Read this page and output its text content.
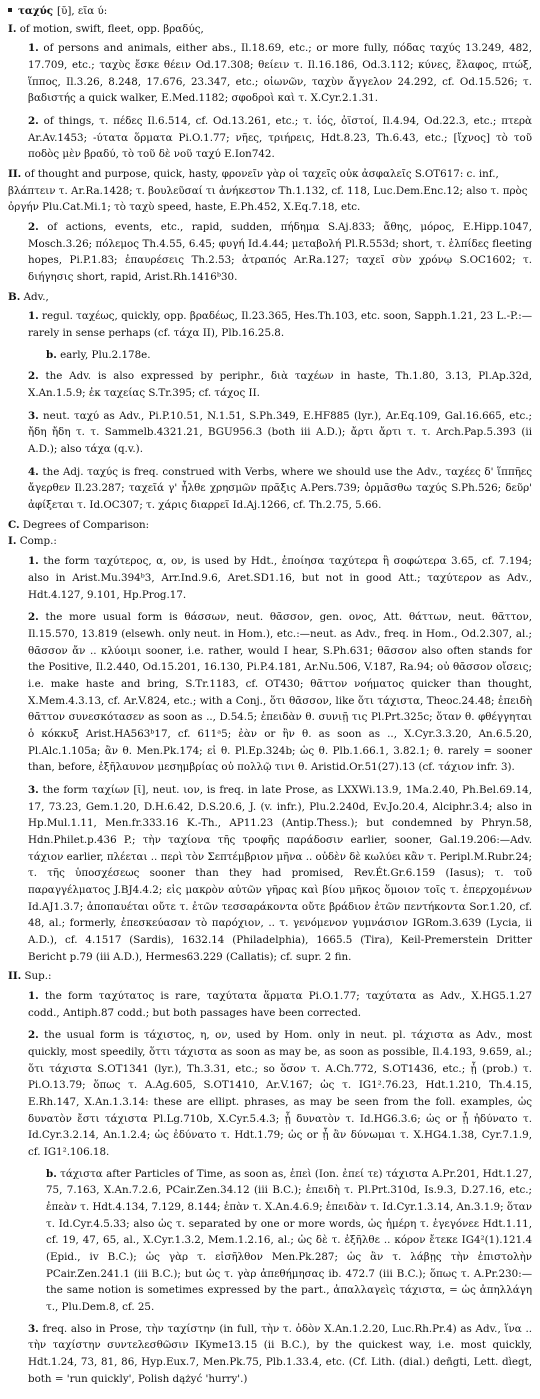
ταχύς [ῠ], εῖα ύ:
I. of motion, swift, fleet, opp. βραδύς,
1. of persons and animals, either abs., Il.18.69, etc.; or more fully, πόδας ταχύς 13.249, 482, 17.709, etc.; ταχὺς ἔσκε θέειν Od.17.308; θείειν τ. Il.16.186, Od.3.112; κύνες, ἔλαφος, πτώξ, ἵππος, Il.3.26, 8.248, 17.676, 23.347, etc.; οἰωνῶν, ταχὺν ἄγγελον 24.292, cf. Od.15.526; τ. βαδιστής a quick walker, E.Med.1182; σφοδροὶ καὶ τ. X.Cyr.2.1.31.
2. of things, τ. πέδες Il.6.514, cf. Od.13.261, etc.; τ. ἰός, ὀϊστοί, Il.4.94, Od.22.3, etc.; πτερὰ Ar.Av.1453; -ύτατα ὅρματα Pi.O.1.77; νῆες, τριήρεις, Hdt.8.23, Th.6.43, etc.; [ἴχνος] τὸ τοῦ ποδὸς μὲν βραδύ, τὸ τοῦ δὲ νοῦ ταχύ E.Ion742.
II. of thought and purpose, quick, hasty, φρονεῖν γὰρ οἱ ταχεῖς οὐκ ἀσφαλεῖς S.OT617: c. inf., βλάπτειν τ. Ar.Ra.1428; τ. βουλεῦσαί τι ἀνήκεστον Th.1.132, cf. 118, Luc.Dem.Enc.12; also τ. πρὸς ὀργήν Plu.Cat.Mi.1; τὸ ταχὺ speed, haste, E.Ph.452, X.Eq.7.18, etc.
2. of actions, events, etc., rapid, sudden, πήδημα S.Aj.833; ἄθης, μόρος, E.Hipp.1047, Mosch.3.26; πόλεμος Th.4.55, 6.45; φυγή Id.4.44; μεταβολή Pl.R.553d; short, τ. ἐλπίδες fleeting hopes, Pi.P.1.83; ἐπαυρέσεις Th.2.53; ἀτραπός Ar.Ra.127; ταχεῖ σὺν χρόνῳ S.OC1602; τ. διήγησις short, rapid, Arist.Rh.1416ᵇ30.
B. Adv.,
1. regul. ταχέως, quickly, opp. βραδέως, Il.23.365, Hes.Th.103, etc. soon, Sapph.1.21, 23 L.-P.:—rarely in sense perhaps (cf. τάχα II), Plb.16.25.8.
b. early, Plu.2.178e.
2. the Adv. is also expressed by periphr., διὰ ταχέων in haste, Th.1.80, 3.13, Pl.Ap.32d, X.An.1.5.9; ἐκ ταχείας S.Tr.395; cf. τάχος II.
3. neut. ταχύ as Adv., Pi.P.10.51, N.1.51, S.Ph.349, E.HF885 (lyr.), Ar.Eq.109, Gal.16.665, etc.; ἤδη ἤδη τ. τ. Sammelb.4321.21, BGU956.3 (both iii A.D.); ἄρτι ἄρτι τ. τ. Arch.Pap.5.393 (ii A.D.); also τάχα (q.v.).
4. the Adj. ταχύς is freq. construed with Verbs, where we should use the Adv., ταχέες δ' ἵππῆες ἄγερθεν Il.23.287; ταχεῖά γ' ἦλθε χρησμῶν πρᾶξις A.Pers.739; ὁρμᾶσθω ταχύς S.Ph.526; δεῦρ' ἀφίξεται τ. Id.OC307; τ. χάρις διαρρεῖ Id.Aj.1266, cf. Th.2.75, 5.66.
C. Degrees of Comparison:
I. Comp.:
1. the form ταχύτερος, α, ον, is used by Hdt., ἐποίησα ταχύτερα ἢ σοφώτερα 3.65, cf. 7.194; also in Arist.Mu.394ᵇ3, Arr.Ind.9.6, Aret.SD1.16, but not in good Att.; ταχύτερον as Adv., Hdt.4.127, 9.101, Hp.Prog.17.
2. the more usual form is θάσσων, neut. θᾶσσον, gen. ονος, Att. θάττων, neut. θᾶττον, Il.15.570, 13.819 (elsewh. only neut. in Hom.), etc.:—neut. as Adv., freq. in Hom., Od.2.307, al.; θᾶσσον ἄν .. κλύοιμι sooner, i.e. rather, would I hear, S.Ph.631; θᾶσσον also often stands for the Positive, Il.2.440, Od.15.201, 16.130, Pi.P.4.181, Ar.Nu.506, V.187, Ra.94; οὐ θᾶσσον οἴσεις; i.e. make haste and bring, S.Tr.1183, cf. OT430; θᾶττον νοήματος quicker than thought, X.Mem.4.3.13, cf. Ar.V.824, etc.; with a Conj., ὅτι θᾶσσον, like ὅτι τάχιστα, Theoc.24.48; ἐπειδὴ θᾶττον συνεσκότασεν as soon as .., D.54.5; ἐπειδὰν θ. συνιῇ τις Pl.Prt.325c; ὅταν θ. φθέγγηται ὁ κόκκυξ Arist.HA563ᵇ17, cf. 611ᵃ5; ἐὰν or ἢν θ. as soon as .., X.Cyr.3.3.20, An.6.5.20, Pl.Alc.1.105a; ἂν θ. Men.Pk.174; εἰ θ. Pl.Ep.324b; ὡς θ. Plb.1.66.1, 3.82.1; θ. rarely = sooner than, before, ἐξῆλαυνον μεσημβρίας οὐ πολλῷ τινι θ. Aristid.Or.51(27).13 (cf. τάχιον infr. 3).
3. the form ταχίων [ῑ], neut. ιον, is freq. in late Prose, as LXXWi.13.9, 1Ma.2.40, Ph.Bel.69.14, 17, 73.23, Gem.1.20, D.H.6.42, D.S.20.6, J. (v. infr.), Plu.2.240d, Ev.Jo.20.4, Alciphr.3.4; also in Hp.Mul.1.11, Men.fr.333.16 K.-Th., AP11.23 (Antip.Thess.); but condemned by Phryn.58, Hdn.Philet.p.436 P.; τὴν ταχίονα τῆς τροφῆς παράδοσιν earlier, sooner, Gal.19.206:—Adv. τάχιον earlier, πλέεται .. περὶ τὸν Σεπτέμβριον μῆνα .. οὐδὲν δὲ κωλύει κἂν τ. Peripl.M.Rubr.24; τ. τῆς ὑποσχέσεως sooner than they had promised, Rev.Ét.Gr.6.159 (Iasus); τ. τοῦ παραγγέλματος J.BJ4.4.2; εἰς μακρὸν αὐτῶν γῆρας καὶ βίου μῆκος ὅμοιον τοῖς τ. ἐπερχομένων Id.AJ1.3.7; ἀποπαυέται οὔτε τ. ἐτῶν τεσσαράκοντα οὔτε βράδιον ἐτῶν πεντήκοντα Sor.1.20, cf. 48, al.; formerly, ἐπεσκεύασαν τὸ παρόχιον, .. τ. γενόμενον γυμνάσιον IGRom.3.639 (Lycia, ii A.D.), cf. 4.1517 (Sardis), 1632.14 (Philadelphia), 1665.5 (Tira), Keil-Premerstein Dritter Bericht p.79 (iii A.D.), Hermes63.229 (Callatis); cf. supr. 2 fin.
II. Sup.:
1. the form ταχύτατος is rare, ταχύτατα ἅρματα Pi.O.1.77; ταχύτατα as Adv., X.HG5.1.27 codd., Antiph.87 codd.; but both passages have been corrected.
2. the usual form is τάχιστος, η, ον, used by Hom. only in neut. pl. τάχιστα as Adv., most quickly, most speedily, ὅττι τάχιστα as soon as may be, as soon as possible, Il.4.193, 9.659, al.; ὅτι τάχιστα S.OT1341 (lyr.), Th.3.31, etc.; so ὅσον τ. A.Ch.772, S.OT1436, etc.; ᾗ (prob.) τ. Pi.O.13.79; ὅπως τ. A.Ag.605, S.OT1410, Ar.V.167; ὡς τ. IG1².76.23, Hdt.1.210, Th.4.15, E.Rh.147, X.An.1.3.14: these are ellipt. phrases, as may be seen from the foll. examples, ὡς δυνατὸν ἔστι τάχιστα Pl.Lg.710b, X.Cyr.5.4.3; ᾗ δυνατὸν τ. Id.HG6.3.6; ὡς or ᾗ ἠδύνατο τ. Id.Cyr.3.2.14, An.1.2.4; ὡς ἐδύνατο τ. Hdt.1.79; ὡς or ᾗ ἂν δύνωμαι τ. X.HG4.1.38, Cyr.7.1.9, cf. IG1².106.18.
b. τάχιστα after Particles of Time, as soon as, ἐπεὶ (Ion. ἐπεί τε) τάχιστα A.Pr.201, Hdt.1.27, 75, 7.163, X.An.7.2.6, PCair.Zen.34.12 (iii B.C.); ἐπειδὴ τ. Pl.Prt.310d, Is.9.3, D.27.16, etc.; ἐπεὰν τ. Hdt.4.134, 7.129, 8.144; ἐπὰν τ. X.An.4.6.9; ἐπειδὰν τ. Id.Cyr.1.3.14, An.3.1.9; ὅταν τ. Id.Cyr.4.5.33; also ὡς τ. separated by one or more words, ὡς ἡμέρη τ. ἐγεγόνεε Hdt.1.11, cf. 19, 47, 65, al., X.Cyr.1.3.2, Mem.1.2.16, al.; ὡς δὲ τ. ἐξῆλθε .. κόρον ἔτεκε IG4²(1).121.4 (Epid., iv B.C.); ὡς γὰρ τ. εἰσῆλθον Men.Pk.287; ὡς ἂν τ. λάβῃς τὴν ἐπιστολὴν PCair.Zen.241.1 (iii B.C.); but ὡς τ. γὰρ ἀπεθήμησας ib. 472.7 (iii B.C.); ὅπως τ. A.Pr.230:—the same notion is sometimes expressed by the part., ἀπαλλαγεὶς τάχιστα, = ὡς ἀπηλλάγη τ., Plu.Dem.8, cf. 25.
3. freq. also in Prose, τὴν ταχίστην (in full, τὴν τ. ὁδὸν X.An.1.2.20, Luc.Rh.Pr.4) as Adv., ἵνα .. τὴν ταχίστην συντελεσθῶσιν IKyme13.15 (ii B.C.), by the quickest way, i.e. most quickly, Hdt.1.24, 73, 81, 86, Hyp.Eux.7, Men.Pk.75, Plb.1.33.4, etc. (Cf. Lith. (dial.) deñgti, Lett. dìegt, both = 'run quickly', Polish dążyć 'hurry'.)
